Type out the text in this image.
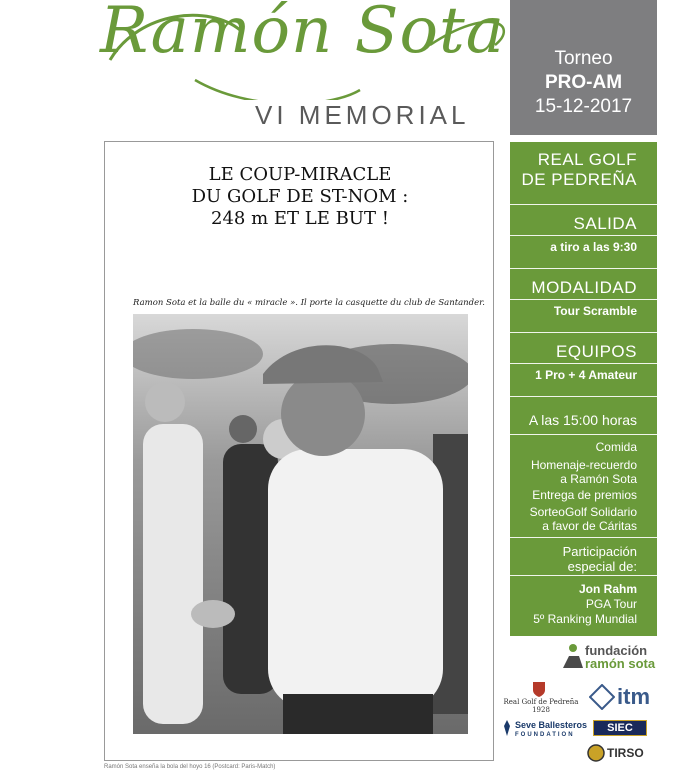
Ramón Sota
VI MEMORIAL
Torneo
PRO-AM
15-12-2017
REAL GOLF
DE PEDREÑA
SALIDA
a tiro a las 9:30
MODALIDAD
Tour Scramble
EQUIPOS
1 Pro + 4 Amateur
A las 15:00 horas
Comida
Homenaje-recuerdo
a Ramón Sota
Entrega de premios
SorteoGolf Solidario
a favor de Cáritas
Participación
especial de:
Jon Rahm
PGA Tour
5º Ranking Mundial
LE COUP-MIRACLE
DU GOLF DE ST-NOM :
248 m ET LE BUT !
Ramon Sota et la balle du « miracle ». Il porte la casquette du club de Santander.
Ramón Sota enseña la bola del hoyo 16 (Postcard: Paris-Match)
fundación
ramón sota
Real Golf de Pedreña
1928
itm
Seve Ballesteros
FOUNDATION
SIEC
TIRSO
